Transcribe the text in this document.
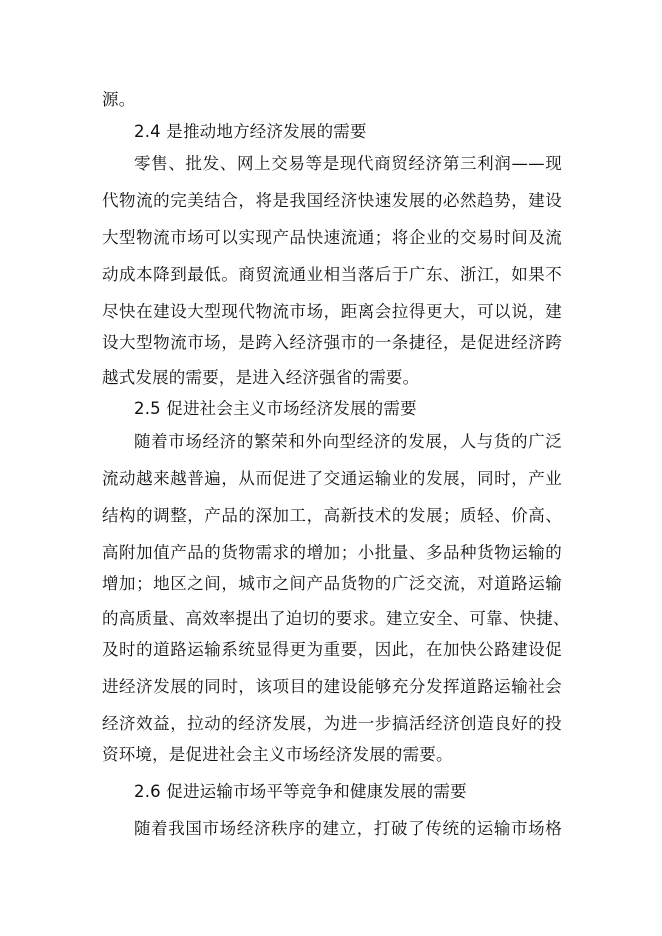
源。
2.4 是推动地方经济发展的需要
零售、批发、网上交易等是现代商贸经济第三利润——现
代物流的完美结合，将是我国经济快速发展的必然趋势，建设
大型物流市场可以实现产品快速流通；将企业的交易时间及流
动成本降到最低。商贸流通业相当落后于广东、浙江，如果不
尽快在建设大型现代物流市场，距离会拉得更大，可以说，建
设大型物流市场，是跨入经济强市的一条捷径，是促进经济跨
越式发展的需要，是进入经济强省的需要。
2.5 促进社会主义市场经济发展的需要
随着市场经济的繁荣和外向型经济的发展，人与货的广泛
流动越来越普遍，从而促进了交通运输业的发展，同时，产业
结构的调整，产品的深加工，高新技术的发展；质轻、价高、
高附加值产品的货物需求的增加；小批量、多品种货物运输的
增加；地区之间，城市之间产品货物的广泛交流，对道路运输
的高质量、高效率提出了迫切的要求。建立安全、可靠、快捷、
及时的道路运输系统显得更为重要，因此，在加快公路建设促
进经济发展的同时，该项目的建设能够充分发挥道路运输社会
经济效益，拉动的经济发展，为进一步搞活经济创造良好的投
资环境，是促进社会主义市场经济发展的需要。
2.6 促进运输市场平等竞争和健康发展的需要
随着我国市场经济秩序的建立，打破了传统的运输市场格
